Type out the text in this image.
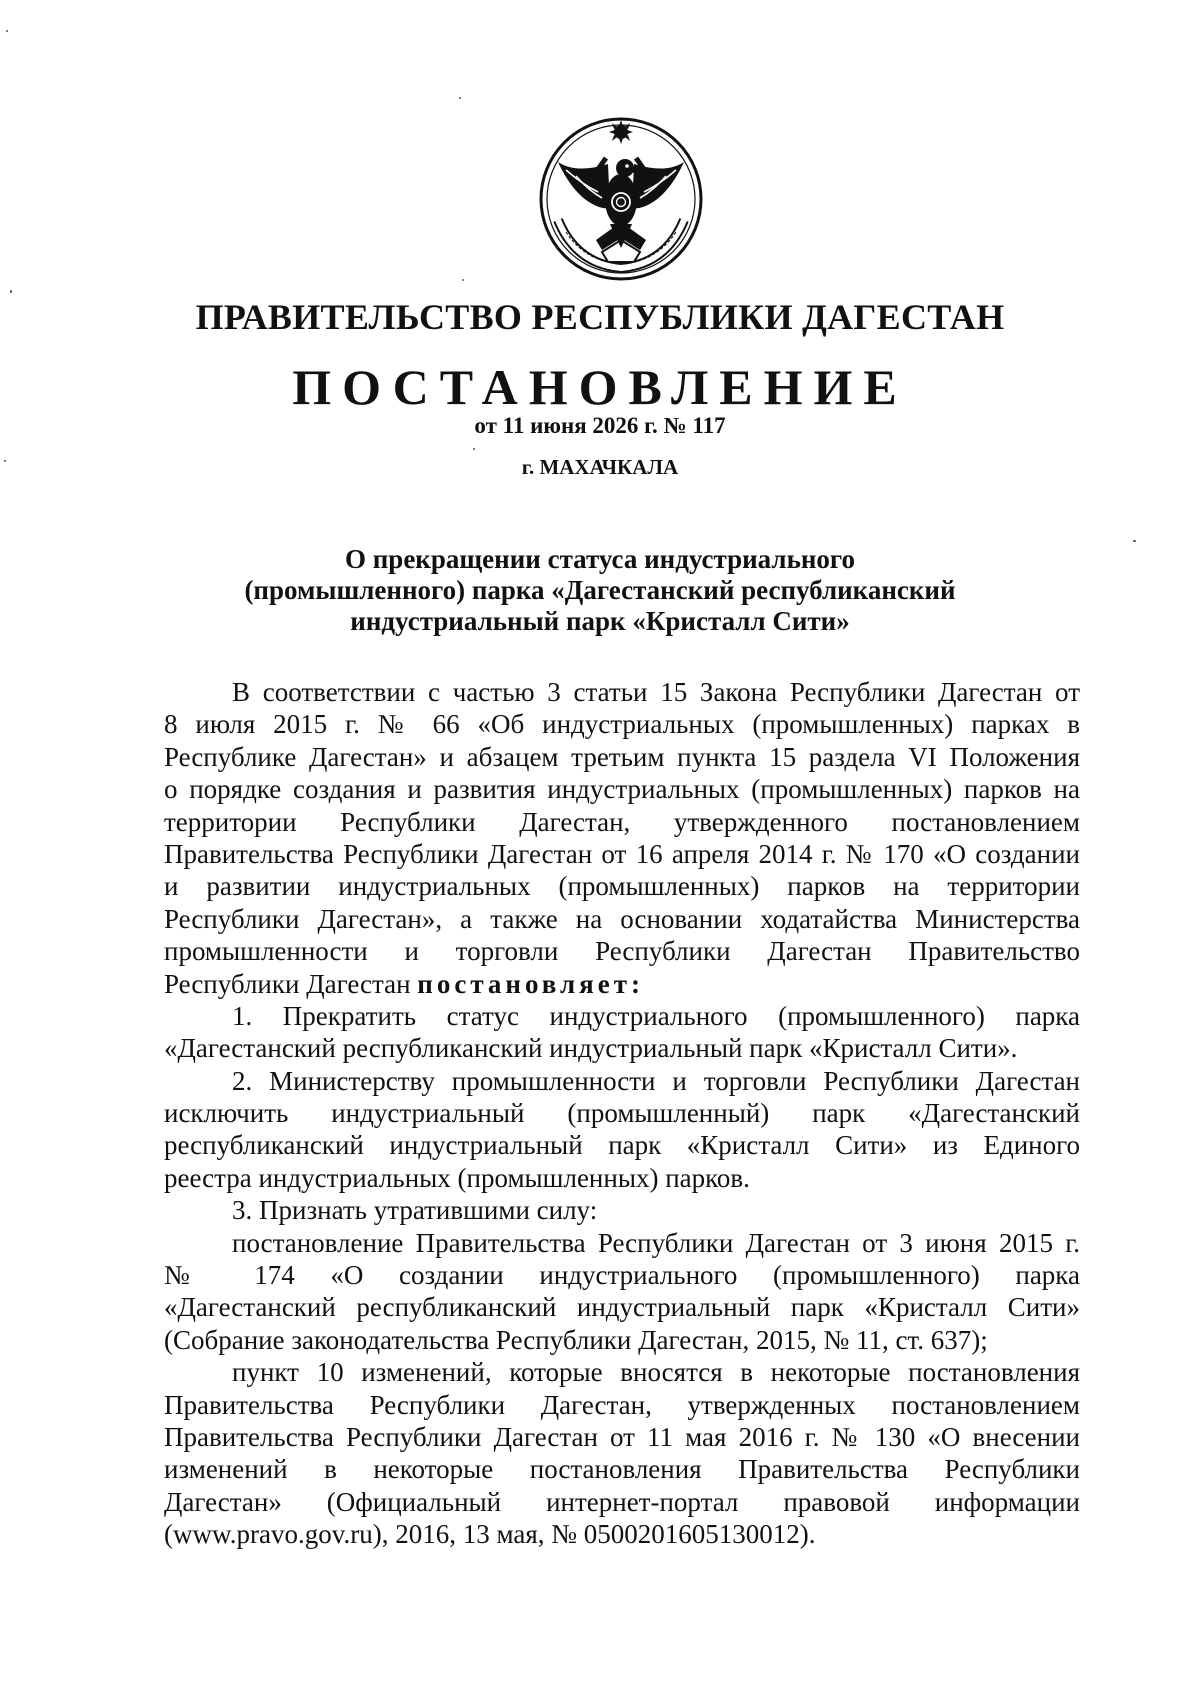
ПРАВИТЕЛЬСТВО РЕСПУБЛИКИ ДАГЕСТАН
ПОСТАНОВЛЕНИЕ
от 11 июня 2026 г. № 117
г. МАХАЧКАЛА
О прекращении статуса индустриального
(промышленного) парка «Дагестанский республиканский
индустриальный парк «Кристалл Сити»
В соответствии с частью 3 статьи 15 Закона Республики Дагестан от
8 июля 2015 г. № 66 «Об индустриальных (промышленных) парках в
Республике Дагестан» и абзацем третьим пункта 15 раздела VI Положения
о порядке создания и развития индустриальных (промышленных) парков на
территории Республики Дагестан, утвержденного постановлением
Правительства Республики Дагестан от 16 апреля 2014 г. № 170 «О создании
и развитии индустриальных (промышленных) парков на территории
Республики Дагестан», а также на основании ходатайства Министерства
промышленности и торговли Республики Дагестан Правительство
Республики Дагестан постановляет:
1. Прекратить статус индустриального (промышленного) парка
«Дагестанский республиканский индустриальный парк «Кристалл Сити».
2. Министерству промышленности и торговли Республики Дагестан
исключить индустриальный (промышленный) парк «Дагестанский
республиканский индустриальный парк «Кристалл Сити» из Единого
реестра индустриальных (промышленных) парков.
3. Признать утратившими силу:
постановление Правительства Республики Дагестан от 3 июня 2015 г.
№ 174 «О создании индустриального (промышленного) парка
«Дагестанский республиканский индустриальный парк «Кристалл Сити»
(Собрание законодательства Республики Дагестан, 2015, № 11, ст. 637);
пункт 10 изменений, которые вносятся в некоторые постановления
Правительства Республики Дагестан, утвержденных постановлением
Правительства Республики Дагестан от 11 мая 2016 г. № 130 «О внесении
изменений в некоторые постановления Правительства Республики
Дагестан» (Официальный интернет-портал правовой информации
(www.pravo.gov.ru), 2016, 13 мая, № 0500201605130012).
